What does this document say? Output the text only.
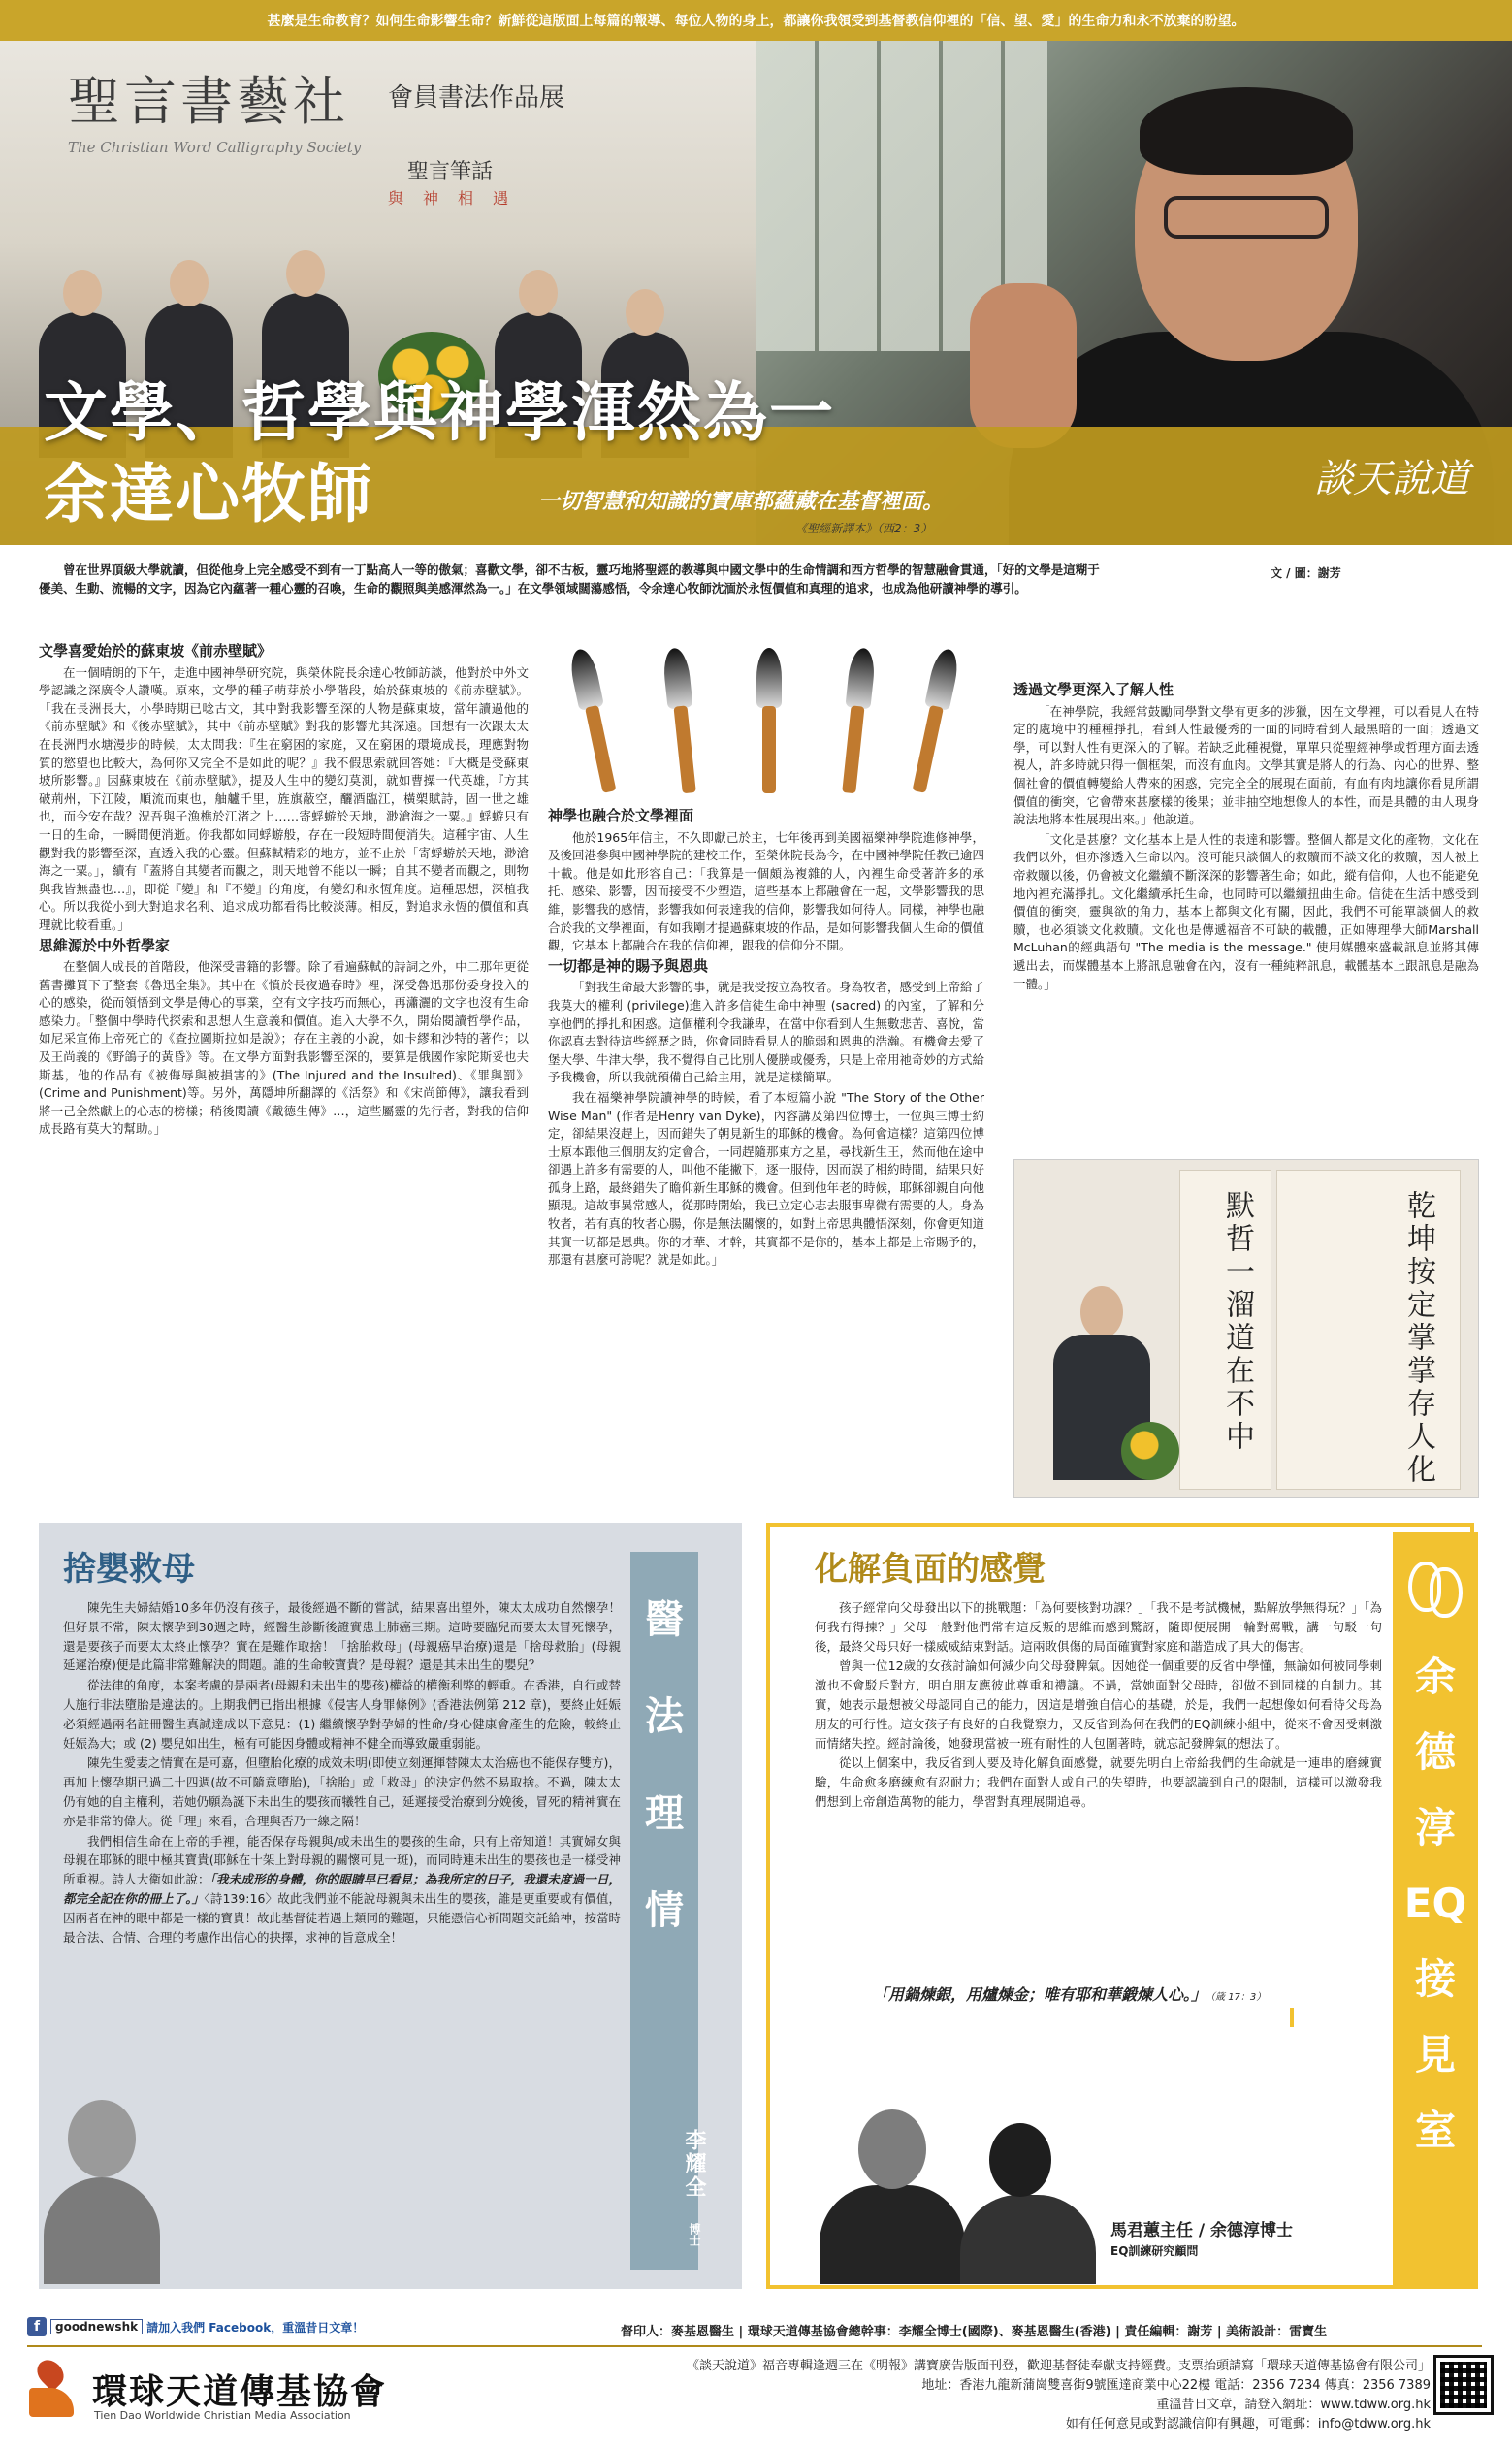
甚麼是生命教育？如何生命影響生命？新鮮從這版面上每篇的報導、每位人物的身上，都讓你我領受到基督教信仰裡的「信、望、愛」的生命力和永不放棄的盼望。
聖言書藝社	會員書法作品展
The Christian Word Calligraphy Society
聖言筆話
與神相遇
文學、哲學與神學渾然為一
余達心牧師	一切智慧和知識的寶庫都蘊藏在基督裡面。
《聖經新譯本》（西2：3）
談天說道
曾在世界頂級大學就讀，但從他身上完全感受不到有一丁點高人一等的傲氣；喜歡文學，卻不古板，靈巧地將聖經的教導與中國文學中的生命情調和西方哲學的智慧融會貫通，「好的文學是這糊于優美、生動、流暢的文字，因為它內蘊著一種心靈的召喚，生命的觀照與美感渾然為一。」在文學領域闊蕩感悟，令余達心牧師沈湎於永恆價值和真理的追求，也成為他研讀神學的導引。
文 / 圖：謝芳
文學喜愛始於的蘇東坡《前赤壁賦》

在一個晴朗的下午，走進中國神學研究院，與榮休院長余達心牧師訪談，他對於中外文學認識之深廣令人讚嘆。原來，文學的種子萌芽於小學階段，始於蘇東坡的《前赤壁賦》。「我在長洲長大，小學時期已唸古文，其中對我影響至深的人物是蘇東坡，當年讀過他的《前赤壁賦》和《後赤壁賦》，其中《前赤壁賦》對我的影響尤其深遠。回想有一次跟太太在長洲門水塘漫步的時候，太太問我：『生在窮困的家庭，又在窮困的環境成長，理應對物質的慾望也比較大，為何你又完全不是如此的呢？』我不假思索就回答她：『大概是受蘇東坡所影響。』因蘇東坡在《前赤壁賦》，提及人生中的變幻莫測，就如曹操一代英雄，『方其破荊州，下江陵，順流而東也，舳艫千里，旌旗蔽空，釃酒臨江，橫槊賦詩，固一世之雄也，而今安在哉？況吾與子漁樵於江渚之上……寄蜉蝣於天地，渺滄海之一粟。』蜉蝣只有一日的生命，一瞬間便消逝。你我都如同蜉蝣般，存在一段短時間便消失。這種宇宙、人生觀對我的影響至深，直透入我的心靈。但蘇軾精彩的地方，並不止於「寄蜉蝣於天地，渺滄海之一粟。」，續有『蓋將自其變者而觀之，則天地曾不能以一瞬；自其不變者而觀之，則物與我皆無盡也…』，即從『變』和『不變』的角度，有變幻和永恆角度。這種思想，深植我心。所以我從小到大對追求名利、追求成功都看得比較淡薄。相反，對追求永恆的價值和真理就比較看重。」

思維源於中外哲學家

在整個人成長的首階段，他深受書籍的影響。除了看遍蘇軾的詩詞之外，中二那年更從舊書攤買下了整套《魯迅全集》。其中在《憤於長夜過春時》裡，深受魯迅那份委身投入的心的感染，從而領悟到文學是傳心的事業，空有文字技巧而無心，再瀟灑的文字也沒有生命感染力。「整個中學時代探索和思想人生意義和價值。進入大學不久，開始閱讀哲學作品，如尼采宣佈上帝死亡的《查拉圖斯拉如是說》；存在主義的小說，如卡繆和沙特的著作；以及王尚義的《野鴿子的黃昏》等。在文學方面對我影響至深的，要算是俄國作家陀斯妥也夫斯基，他的作品有《被侮辱與被損害的》(The Injured and the Insulted)、《罪與罰》(Crime and Punishment)等。另外，萬隱坤所翻譯的《活祭》和《宋尚節傳》，讓我看到將一己全然獻上的心志的榜樣；稍後閱讀《戴德生傳》…，這些屬靈的先行者，對我的信仰成長路有莫大的幫助。」

神學也融合於文學裡面

他於1965年信主，不久即獻己於主，七年後再到美國福樂神學院進修神學，及後回港參與中國神學院的建校工作，至榮休院長為今，在中國神學院任教已逾四十載。他是如此形容自己：「我算是一個頗為複雜的人，內裡生命受著許多的承托、感染、影響，因而接受不少塑造，這些基本上都融會在一起，文學影響我的思維，影響我的感情，影響我如何表達我的信仰，影響我如何待人。同樣，神學也融合於我的文學裡面，有如我剛才提過蘇東坡的作品，是如何影響我個人生命的價值觀，它基本上都融合在我的信仰裡，跟我的信仰分不開。

一切都是神的賜予與恩典

「對我生命最大影響的事，就是我受按立為牧者。身為牧者，感受到上帝給了我莫大的權利 (privilege)進入許多信徒生命中神聖 (sacred) 的內室，了解和分享他們的掙扎和困惑。這個權利令我謙卑，在當中你看到人生無數悲苦、喜悅，當你認真去對待這些經歷之時，你會同時看見人的脆弱和恩典的浩瀚。有機會去愛了堡大學、牛津大學，我不覺得自己比別人優勝或優秀，只是上帝用祂奇妙的方式給予我機會，所以我就預備自己給主用，就是這樣簡單。

我在福樂神學院讀神學的時候，看了本短篇小說 "The Story of the Other Wise Man" (作者是Henry van Dyke)，內容講及第四位博士，一位與三博士約定，卻結果沒趕上，因而錯失了朝見新生的耶穌的機會。為何會這樣？這第四位博士原本跟他三個朋友約定會合，一同趕隨那東方之星，尋找新生王，然而他在途中卻遇上許多有需要的人，叫他不能撇下，逐一服侍，因而誤了相約時間，結果只好孤身上路，最終錯失了瞻仰新生耶穌的機會。但到他年老的時候，耶穌卻親自向他顯現。這故事異常感人，從那時開始，我已立定心志去服事卑微有需要的人。身為牧者，若有真的牧者心腸，你是無法關懷的，如對上帝思典體悟深刻，你會更知道其實一切都是恩典。你的才華、才幹，其實都不是你的，基本上都是上帝賜予的，那還有甚麼可誇呢？就是如此。」

透過文學更深入了解人性

「在神學院，我經常鼓勵同學對文學有更多的涉獵，因在文學裡，可以看見人在特定的處境中的種種掙扎，看到人性最優秀的一面的同時看到人最黑暗的一面；透過文學，可以對人性有更深入的了解。若缺乏此種視覺，單單只從聖經神學或哲理方面去透視人，許多時就只得一個框架，而沒有血肉。文學其實是將人的行為、內心的世界、整個社會的價值轉變給人帶來的困惑，完完全全的展現在面前，有血有肉地讓你看見所謂價值的衝突，它會帶來甚麼樣的後果；並非抽空地想像人的本性，而是具體的由人現身說法地將本性展現出來。」他說道。

「文化是甚麼？文化基本上是人性的表達和影響。整個人都是文化的產物，文化在我們以外，但亦滲透入生命以內。沒可能只談個人的救贖而不談文化的救贖，因人被上帝救贖以後，仍會被文化繼續不斷深深的影響著生命；如此，縱有信仰，人也不能避免地內裡充滿掙扎。文化繼續承托生命，也同時可以繼續扭曲生命。信徒在生活中感受到價值的衝突，靈與欲的角力，基本上都與文化有關，因此，我們不可能單談個人的救贖，也必須談文化救贖。文化也是傳遞福音不可缺的載體，正如傳理學大師Marshall McLuhan的經典語句 "The media is the message." 使用媒體來盛載訊息並將其傳遞出去，而媒體基本上將訊息融會在內，沒有一種純粹訊息，載體基本上跟訊息是融為一體。」

乾坤按定掌掌存人化
默哲一溜道在不中
捨嬰救母
醫
法
理
情

陳先生夫婦結婚10多年仍沒有孩子，最後經過不斷的嘗試，結果喜出望外，陳太太成功自然懷孕！但好景不常，陳太懷孕到30週之時，經醫生診斷後證實患上肺癌三期。這時要臨兒而要太太冒死懷孕，還是要孩子而要太太終止懷孕？實在是難作取捨！「捨胎救母」(母親癌早治療)還是「捨母救胎」(母親延遲治療)便是此篇非常難解決的問題。誰的生命較寶貴？是母親？還是其未出生的嬰兒？

從法律的角度，本案考慮的是兩者(母親和未出生的嬰孩)權益的權衡利弊的輕重。在香港，自行或替人施行非法墮胎是違法的。上期我們已指出根據《侵害人身罪條例》(香港法例第 212 章)，要終止妊娠必須經過兩名註冊醫生真誠達成以下意見：(1) 繼續懷孕對孕婦的性命/身心健康會產生的危險，較終止妊娠為大；或 (2) 嬰兒如出生，極有可能因身體或精神不健全而導致嚴重弱能。

陳先生愛妻之情實在是可嘉，但墮胎化療的成效未明(即使立刻運揮替陳太太治癌也不能保存雙方)，再加上懷孕期已過二十四週(故不可隨意墮胎)，「捨胎」或「救母」的決定仍然不易取捨。不過，陳太太仍有她的自主權利，若她仍願為誕下未出生的嬰孩而犧牲自己，延遲接受治療到分娩後，冒死的精神實在亦是非常的偉大。從「理」來看，合理與否乃一線之隔！

我們相信生命在上帝的手裡，能否保存母親與/或未出生的嬰孩的生命，只有上帝知道！其實婦女與母親在耶穌的眼中極其寶貴(耶穌在十架上對母親的關懷可見一斑)，而同時連未出生的嬰孩也是一樣受神所重視。詩人大衛如此說：「我未成形的身體，你的眼睛早已看見；為我所定的日子，我還未度過一日，都完全記在你的冊上了。」〈詩139:16〉故此我們並不能說母親與未出生的嬰孩，誰是更重要或有價值，因兩者在神的眼中都是一樣的寶貴！故此基督徒若遇上類同的難題，只能憑信心祈問題交託給神，按當時最合法、合情、合理的考慮作出信心的抉擇，求神的旨意成全！

李耀全
博士
化解負面的感覺
余
德
淳
EQ
接
見
室

孩子經常向父母發出以下的挑戰題：「為何要核對功課？」「我不是考試機械，點解放學無得玩？」「為何我冇得揀？」父母一般對他們常有這反叛的思維而感到驚訝，隨即便展開一輪對罵戰，講一句駁一句後，最終父母只好一樣威威結束對話。這兩敗俱傷的局面確實對家庭和諧造成了具大的傷害。

曾與一位12歲的女孩討論如何減少向父母發脾氣。因她從一個重要的反省中學懂，無論如何被同學刺激也不會駁斥對方，明白朋友應彼此尊重和禮讓。不過，當她面對父母時，卻做不到同樣的自制力。其實，她表示最想被父母認同自己的能力，因這是增強自信心的基礎，於是，我們一起想像如何看待父母為朋友的可行性。這女孩子有良好的自我覺察力，又反省到為何在我們的EQ訓練小組中，從來不會因受刺激而情緒失控。經討論後，她發現當被一班有耐性的人包圍著時，就忘記發脾氣的想法了。

從以上個案中，我反省到人要及時化解負面感覺，就要先明白上帝給我們的生命就是一連串的磨練實驗，生命愈多磨練愈有忍耐力；我們在面對人或自己的失望時，也要認識到自己的限制，這樣可以激發我們想到上帝創造萬物的能力，學習對真理展開追尋。

「用鍋煉銀，用爐煉金；唯有耶和華鍛煉人心。」 （箴 17：3）
馬君蕙主任 / 余德淳博士
EQ訓練研究顧問
f	goodnewshk 請加入我們 Facebook，重溫昔日文章！	督印人：麥基恩醫生 | 環球天道傳基協會總幹事：李耀全博士(國際)、麥基恩醫生(香港) | 責任編輯：謝芳 | 美術設計：雷寶生
環球天道傳基協會
Tien Dao Worldwide Christian Media Association
《談天說道》福音專輯逢週三在《明報》講寶廣告版面刊登，歡迎基督徒奉獻支持經費。支票抬頭請寫「環球天道傳基協會有限公司」
地址：香港九龍新蒲崗雙喜街9號匯達商業中心22樓 電話：2356 7234 傳真：2356 7389
重溫昔日文章，請登入網址：www.tdww.org.hk
如有任何意見或對認識信仰有興趣，可電郵：info@tdww.org.hk
